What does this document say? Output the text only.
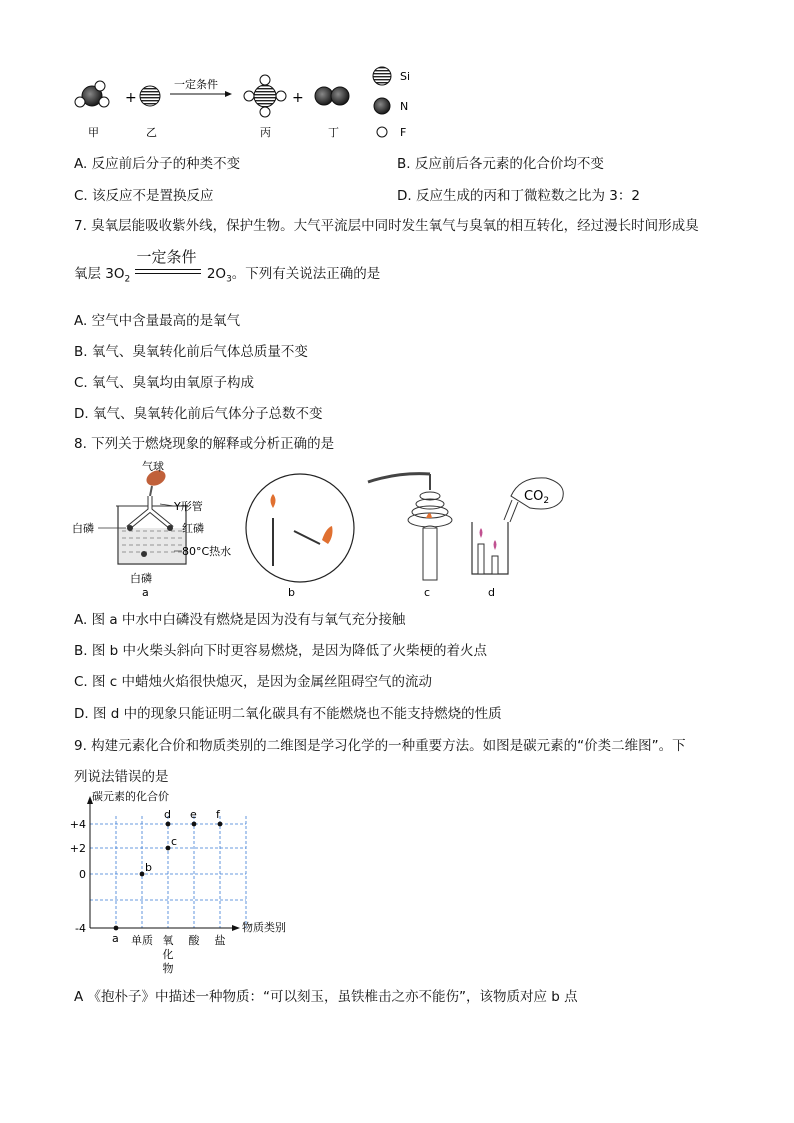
+
一定条件
+
甲	乙	丙	丁
Si
N
F
A. 反应前后分子的种类不变	B. 反应前后各元素的化合价均不变
C. 该反应不是置换反应	D. 反应生成的丙和丁微粒数之比为 3：2
7. 臭氧层能吸收紫外线，保护生物。大气平流层中同时发生氧气与臭氧的相互转化，经过漫长时间形成臭
氧层 $3O_2$
一定条件
$2O_3$。下列有关说法正确的是
A. 空气中含量最高的是氧气
B. 氧气、臭氧转化前后气体总质量不变
C. 氧气、臭氧均由氧原子构成
D. 氧气、臭氧转化前后气体分子总数不变
8. 下列关于燃烧现象的解释或分析正确的是
气球
Y形管
白磷	红磷
80°C热水
白磷
a	b	c
$CO_2$
d
A. 图 a 中水中白磷没有燃烧是因为没有与氧气充分接触
B. 图 b 中火柴头斜向下时更容易燃烧，是因为降低了火柴梗的着火点
C. 图 c 中蜡烛火焰很快熄灭，是因为金属丝阻碍空气的流动
D. 图 d 中的现象只能证明二氧化碳具有不能燃烧也不能支持燃烧的性质
9. 构建元素化合价和物质类别的二维图是学习化学的一种重要方法。如图是碳元素的“价类二维图”。下
列说法错误的是
+4
+2
0
-4
单质 氧
化
物
酸 盐
a
b
c
d e f
碳元素的化合价
物质类别
A 《抱朴子》中描述一种物质：“可以刻玉，虽铁椎击之亦不能伤”，该物质对应 b 点
